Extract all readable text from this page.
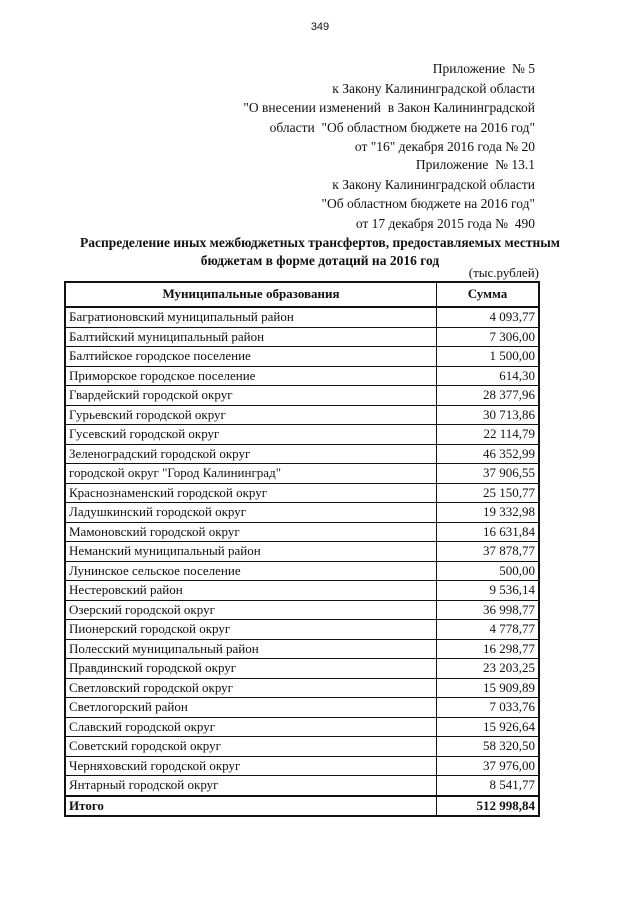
349
Приложение  № 5
к Закону Калининградской области
"О внесении изменений  в Закон Калининградской
области  "Об областном бюджете на 2016 год"
от "16" декабря 2016 года № 20
Приложение  № 13.1
к Закону Калининградской области
"Об областном бюджете на 2016 год"
от 17 декабря 2015 года №  490
Распределение иных межбюджетных трансфертов, предоставляемых местным
бюджетам в форме дотаций на 2016 год
(тыс.рублей)
Муниципальные образования	Сумма
Багратионовский муниципальный район	4 093,77
Балтийский муниципальный район	7 306,00
Балтийское городское поселение	1 500,00
Приморское городское поселение	614,30
Гвардейский городской округ	28 377,96
Гурьевский городской округ	30 713,86
Гусевский городской округ	22 114,79
Зеленоградский городской округ	46 352,99
городской округ "Город Калининград"	37 906,55
Краснознаменский городской округ	25 150,77
Ладушкинский городской округ	19 332,98
Мамоновский городской округ	16 631,84
Неманский муниципальный район	37 878,77
Лунинское сельское поселение	500,00
Нестеровский район	9 536,14
Озерский городской округ	36 998,77
Пионерский городской округ	4 778,77
Полесский муниципальный район	16 298,77
Правдинский городской округ	23 203,25
Светловский городской округ	15 909,89
Светлогорский район	7 033,76
Славский городской округ	15 926,64
Советский городской округ	58 320,50
Черняховский городской округ	37 976,00
Янтарный городской округ	8 541,77
Итого	512 998,84
